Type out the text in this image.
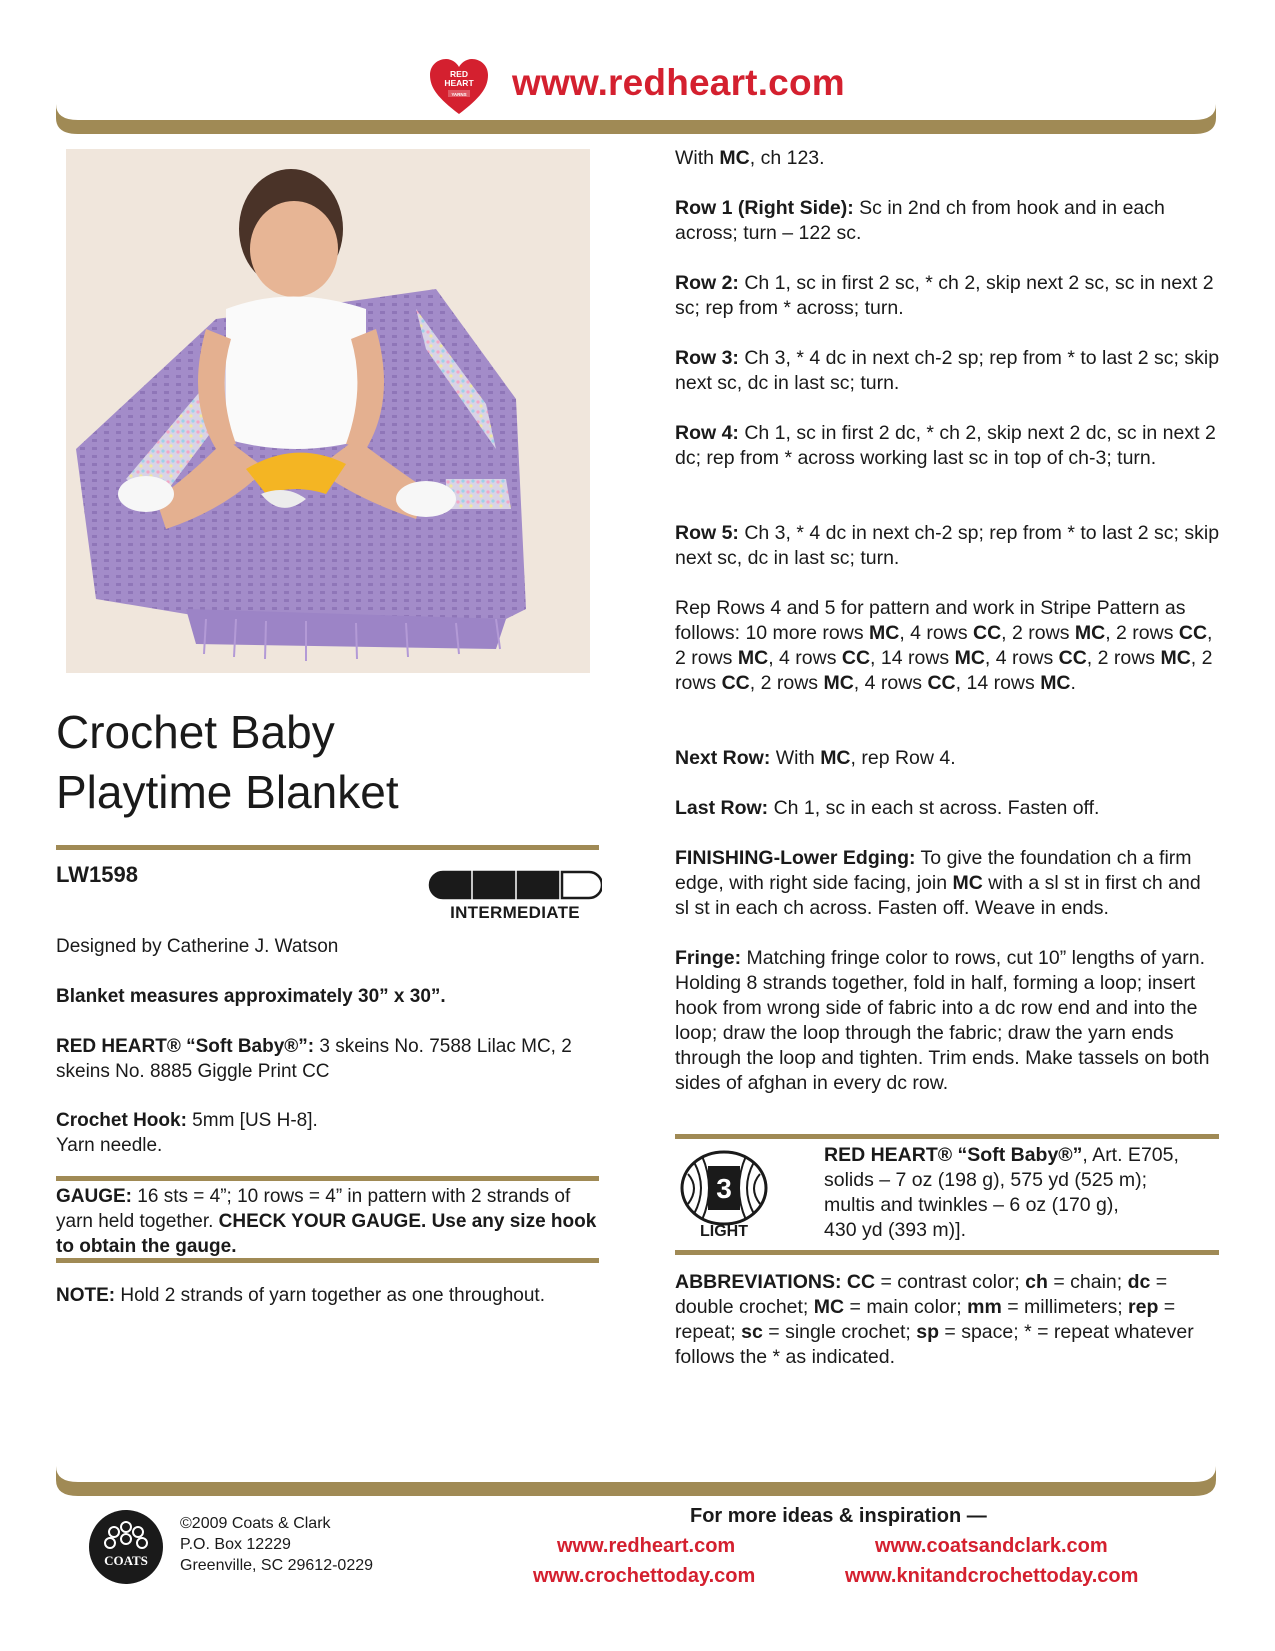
RED
HEART
YARNS www.redheart.com
Crochet Baby
Playtime Blanket
LW1598
INTERMEDIATE
Designed by Catherine J. Watson
Blanket measures approximately 30” x 30”.
RED HEART® “Soft Baby®”: 3 skeins No. 7588 Lilac MC, 2 skeins No. 8885 Giggle Print CC
Crochet Hook: 5mm [US H-8].
Yarn needle.
GAUGE: 16 sts = 4”; 10 rows = 4” in pattern with 2 strands of yarn held together. CHECK YOUR GAUGE. Use any size hook to obtain the gauge.
NOTE: Hold 2 strands of yarn together as one throughout.
With MC, ch 123.
Row 1 (Right Side): Sc in 2nd ch from hook and in each across; turn – 122 sc.
Row 2: Ch 1, sc in first 2 sc, * ch 2, skip next 2 sc, sc in next 2 sc; rep from * across; turn.
Row 3: Ch 3, * 4 dc in next ch-2 sp; rep from * to last 2 sc; skip next sc, dc in last sc; turn.
Row 4: Ch 1, sc in first 2 dc, * ch 2, skip next 2 dc, sc in next 2 dc; rep from * across working last sc in top of ch-3; turn.
Row 5: Ch 3, * 4 dc in next ch-2 sp; rep from * to last 2 sc; skip next sc, dc in last sc; turn.
Rep Rows 4 and 5 for pattern and work in Stripe Pattern as follows: 10 more rows MC, 4 rows CC, 2 rows MC, 2 rows CC, 2 rows MC, 4 rows CC, 14 rows MC, 4 rows CC, 2 rows MC, 2 rows CC, 2 rows MC, 4 rows CC, 14 rows MC.
Next Row: With MC, rep Row 4.
Last Row: Ch 1, sc in each st across. Fasten off.
FINISHING-Lower Edging: To give the foundation ch a firm edge, with right side facing, join MC with a sl st in first ch and sl st in each ch across. Fasten off. Weave in ends.
Fringe: Matching fringe color to rows, cut 10” lengths of yarn. Holding 8 strands together, fold in half, forming a loop; insert hook from wrong side of fabric into a dc row end and into the loop; draw the loop through the fabric; draw the yarn ends through the loop and tighten. Trim ends. Make tassels on both sides of afghan in every dc row.
3
LIGHT
RED HEART® “Soft Baby®”, Art. E705,
solids – 7 oz (198 g), 575 yd (525 m);
multis and twinkles – 6 oz (170 g),
430 yd (393 m)].
ABBREVIATIONS: CC = contrast color; ch = chain; dc = double crochet; MC = main color; mm = millimeters; rep = repeat; sc = single crochet; sp = space; * = repeat whatever follows the * as indicated.
COATS
©2009 Coats & Clark
P.O. Box 12229
Greenville, SC 29612-0229
For more ideas & inspiration —
www.redheart.com	www.coatsandclark.com
www.crochettoday.com	www.knitandcrochettoday.com
